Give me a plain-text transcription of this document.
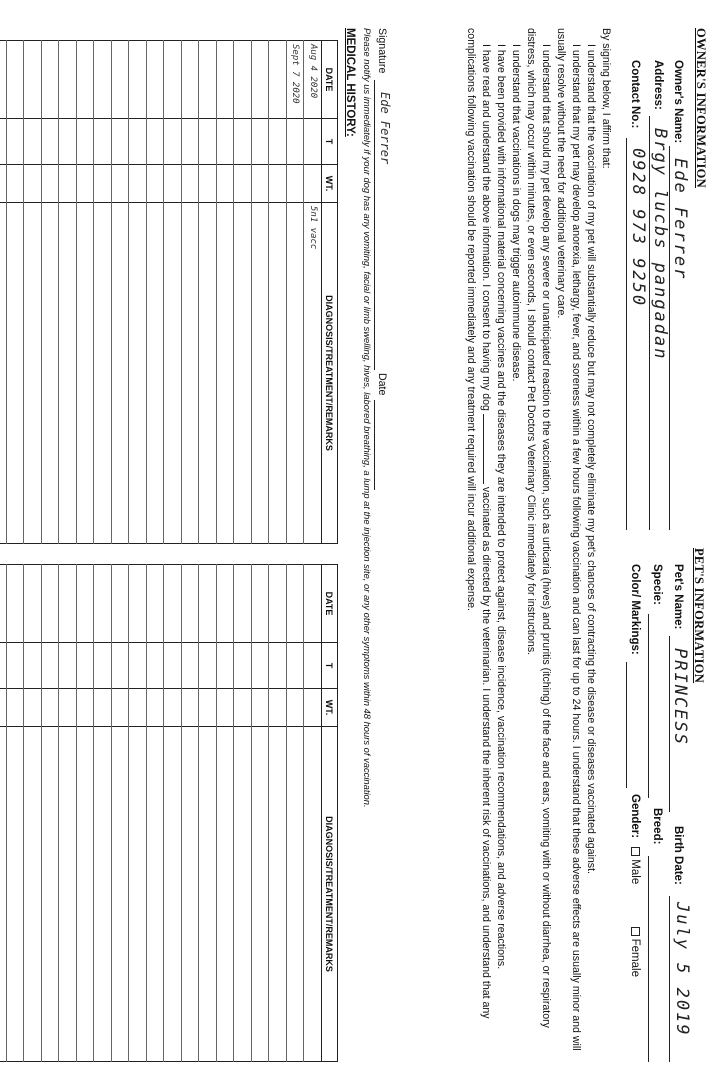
OWNER'S INFORMATION
Owner's Name:
Ede Ferrer
Address:
Brgy lucbs pangadan
Contact No.:
0928 973 9250
PET'S INFORMATION
Pet's Name:
PRINCESS
Birth Date:
July 5 2019
Specie:
Breed:
Color/ Markings:
Gender: Male  Female

By signing below, I affirm that:

I understand that the vaccination of my pet will substantially reduce but may not completely eliminate my pet's chances of contracting the disease or diseases vaccinated against.

I understand that my pet may develop anorexia, lethargy, fever, and soreness within a few hours following vaccination and can last for up to 24 hours. I understand that these adverse effects are usually minor and will usually resolve without the need for additional veterinary care.

I understand that should my pet develop any severe or unanticipated reaction to the vaccination, such as urticaria (hives) and pruritis (itching) of the face and ears, vomiting with or without diarrhea, or respiratory distress, which may occur within minutes, or even seconds, I should contact Pet Doctors Veterinary Clinic immediately for instructions.

I understand that vaccinations in dogs may trigger autoimmune disease.

I have been provided with informational material concerning vaccines and the diseases they are intended to protect against, disease incidence, vaccination recommendations, and adverse reactions.

I have read and understand the above information. I consent to having my dog  vaccinated as directed by the veterinarian. I understand the inherent risk of vaccinations, and understand that any complications following vaccination should be reported immediately and any treatment required will incur additional expense.

Signature
Ede Ferrer
Date
Please notify us immediately if your dog has any vomiting, facial or limb swelling, hives, labored breathing, a lump at the injection site, or any other symptoms within 48 hours of vaccination.
MEDICAL HISTORY:
DATE	T	WT.	DIAGNOSIS/TREATMENT/REMARKS
Aug 4 2020			5n1 vacc
Sept 7 2020			

DATE	T	WT.	DIAGNOSIS/TREATMENT/REMARKS
